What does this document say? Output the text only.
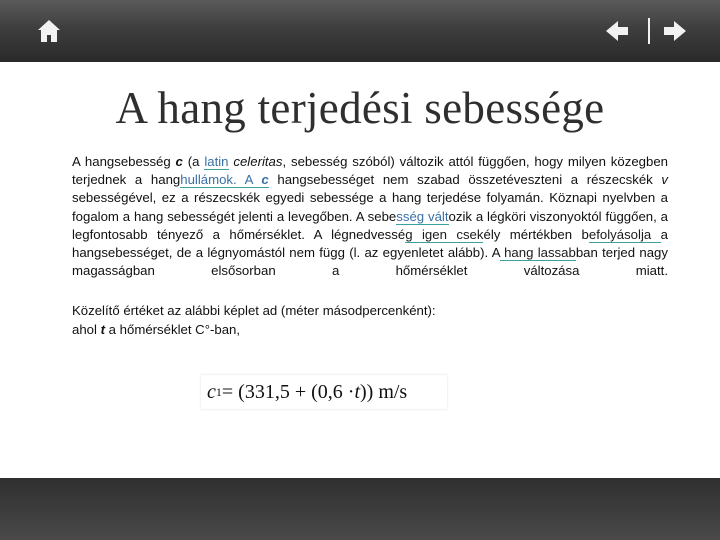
A hang terjedési sebessége

A hangsebesség c (a latin celeritas, sebesség szóból) változik attól függően, hogy milyen közegben terjednek a hanghullámok. A c hangsebességet nem szabad összetéveszteni a részecskék v sebességével, ez a részecskék egyedi sebessége a hang terjedése folyamán. Köznapi nyelvben a fogalom a hang sebességét jelenti a levegőben. A sebesség változik a légköri viszonyoktól függően, a legfontosabb tényező a hőmérséklet. A légnedvesség igen csekély mértékben befolyásolja a hangsebességet, de a légnyomástól nem függ (l. az egyenletet alább). A hang lassabban terjed nagy magasságban elsősorban a hőmérséklet változása miatt.

Közelítő értéket az alábbi képlet ad (méter másodpercenként):
ahol t a hőmérséklet C°-ban,

c 1 = (331,5 + (0,6 · t )) m/s
